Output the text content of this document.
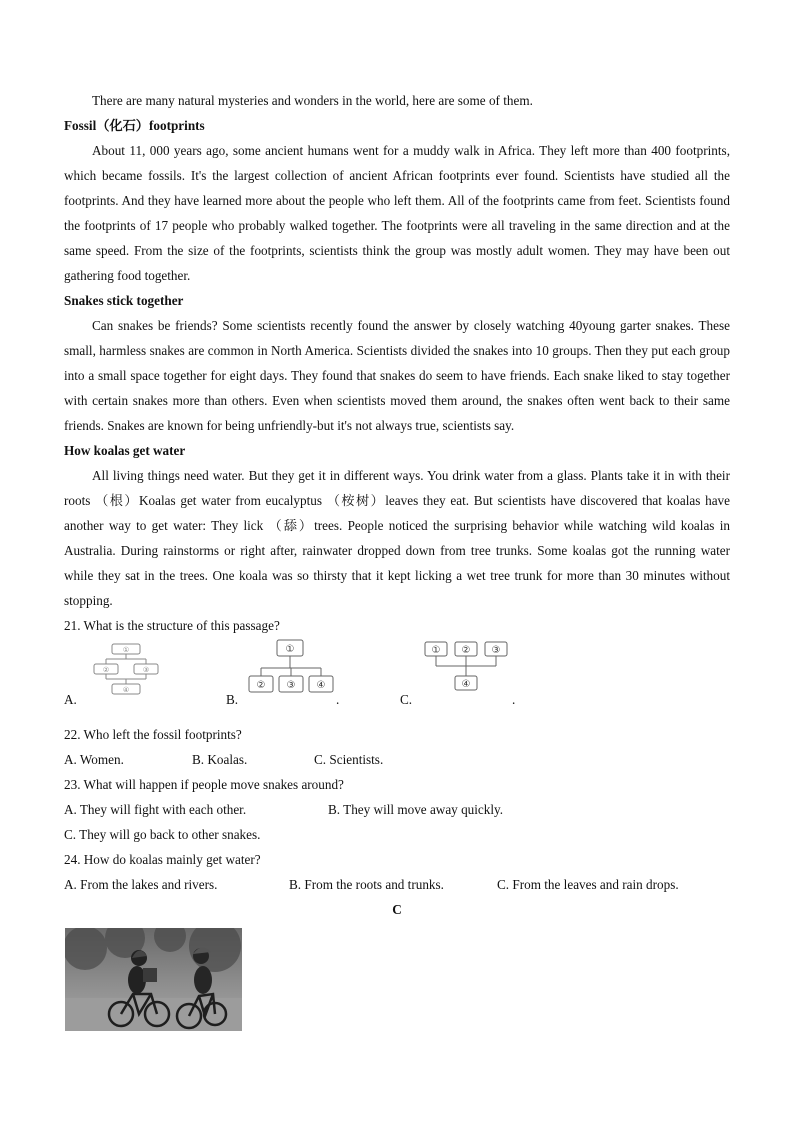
There are many natural mysteries and wonders in the world, here are some of them.

Fossil（化石）footprints

About 11, 000 years ago, some ancient humans went for a muddy walk in Africa. They left more than 400 footprints, which became fossils. It's the largest collection of ancient African footprints ever found. Scientists have studied all the footprints. And they have learned more about the people who left them. All of the footprints came from feet. Scientists found the footprints of 17 people who probably walked together. The footprints were all traveling in the same direction and at the same speed. From the size of the footprints, scientists think the group was mostly adult women. They may have been out gathering food together.

Snakes stick together

Can snakes be friends? Some scientists recently found the answer by closely watching 40young garter snakes. These small, harmless snakes are common in North America. Scientists divided the snakes into 10 groups. Then they put each group into a small space together for eight days. They found that snakes do seem to have friends. Each snake liked to stay together with certain snakes more than others. Even when scientists moved them around, the snakes often went back to their same friends. Snakes are known for being unfriendly-but it's not always true, scientists say.

How koalas get water

All living things need water. But they get it in different ways. You drink water from a glass. Plants take it in with their roots （根）Koalas get water from eucalyptus （桉树）leaves they eat. But scientists have discovered that koalas have another way to get water: They lick （舔）trees. People noticed the surprising behavior while watching wild koalas in Australia. During rainstorms or right after, rainwater dropped down from tree trunks. Some koalas got the running water while they sat in the trees. One koala was so thirsty that it kept licking a wet tree trunk for more than 30 minutes without stopping.

21. What is the structure of this passage?
A.
①
②	③
④
B.
①
② ③ ④
.	C.
① ② ③
④
.
22. Who left the fossil footprints?
A. Women.	B. Koalas.	C. Scientists.
23. What will happen if people move snakes around?
A. They will fight with each other.	B. They will move away quickly.
C. They will go back to other snakes.
24. How do koalas mainly get water?
A. From the lakes and rivers.	B. From the roots and trunks.	C. From the leaves and rain drops.
C
